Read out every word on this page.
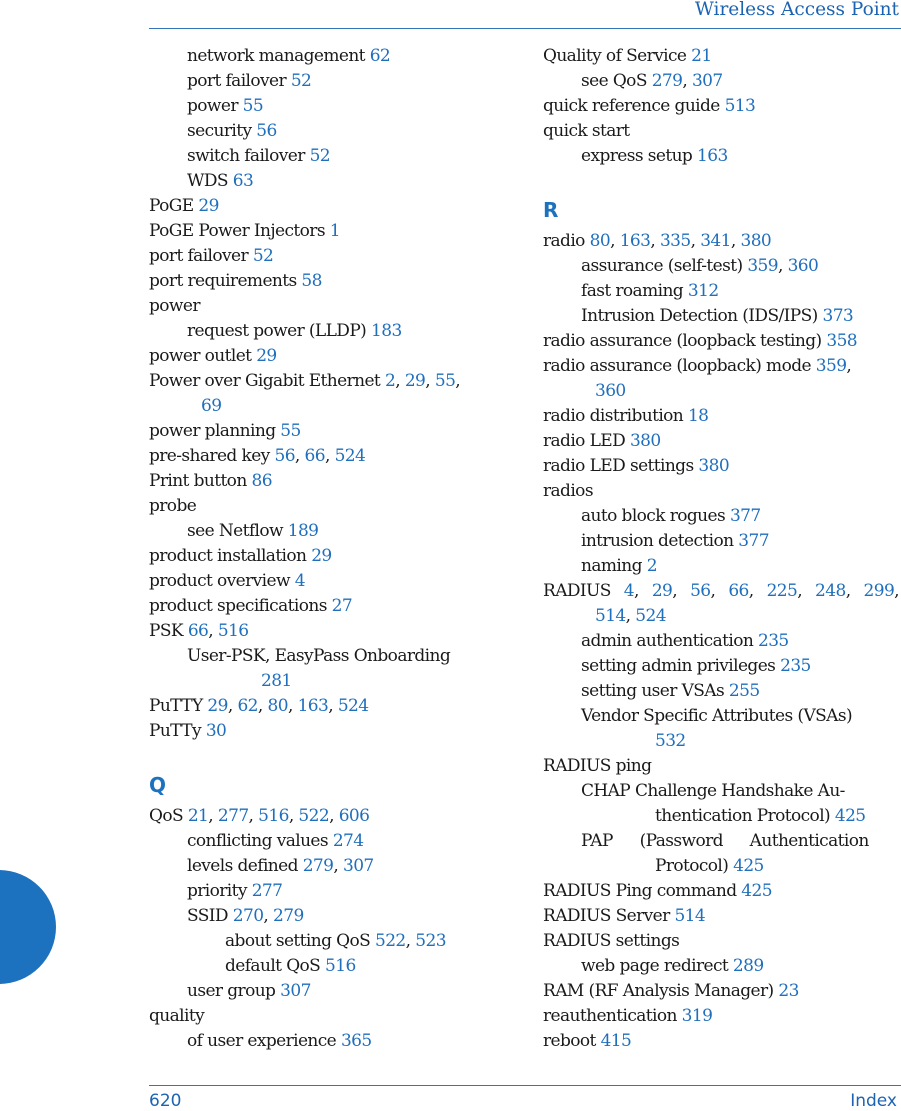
Wireless Access Point
network management 62
port failover 52
power 55
security 56
switch failover 52
WDS 63
PoGE 29
PoGE Power Injectors 1
port failover 52
port requirements 58
power
request power (LLDP) 183
power outlet 29
Power over Gigabit Ethernet 2, 29, 55,
69
power planning 55
pre-shared key 56, 66, 524
Print button 86
probe
see Netflow 189
product installation 29
product overview 4
product specifications 27
PSK 66, 516
User-PSK, EasyPass Onboarding
281
PuTTY 29, 62, 80, 163, 524
PuTTy 30
Q
QoS 21, 277, 516, 522, 606
conflicting values 274
levels defined 279, 307
priority 277
SSID 270, 279
about setting QoS 522, 523
default QoS 516
user group 307
quality
of user experience 365
Quality of Service 21
see QoS 279, 307
quick reference guide 513
quick start
express setup 163
R
radio 80, 163, 335, 341, 380
assurance (self-test) 359, 360
fast roaming 312
Intrusion Detection (IDS/IPS) 373
radio assurance (loopback testing) 358
radio assurance (loopback) mode 359,
360
radio distribution 18
radio LED 380
radio LED settings 380
radios
auto block rogues 377
intrusion detection 377
naming 2
RADIUS 4, 29, 56, 66, 225, 248, 299,
514, 524
admin authentication 235
setting admin privileges 235
setting user VSAs 255
Vendor Specific Attributes (VSAs)
532
RADIUS ping
CHAP Challenge Handshake Au-
thentication Protocol) 425
PAP (Password Authentication
Protocol) 425
RADIUS Ping command 425
RADIUS Server 514
RADIUS settings
web page redirect 289
RAM (RF Analysis Manager) 23
reauthentication 319
reboot 415
620	Index
